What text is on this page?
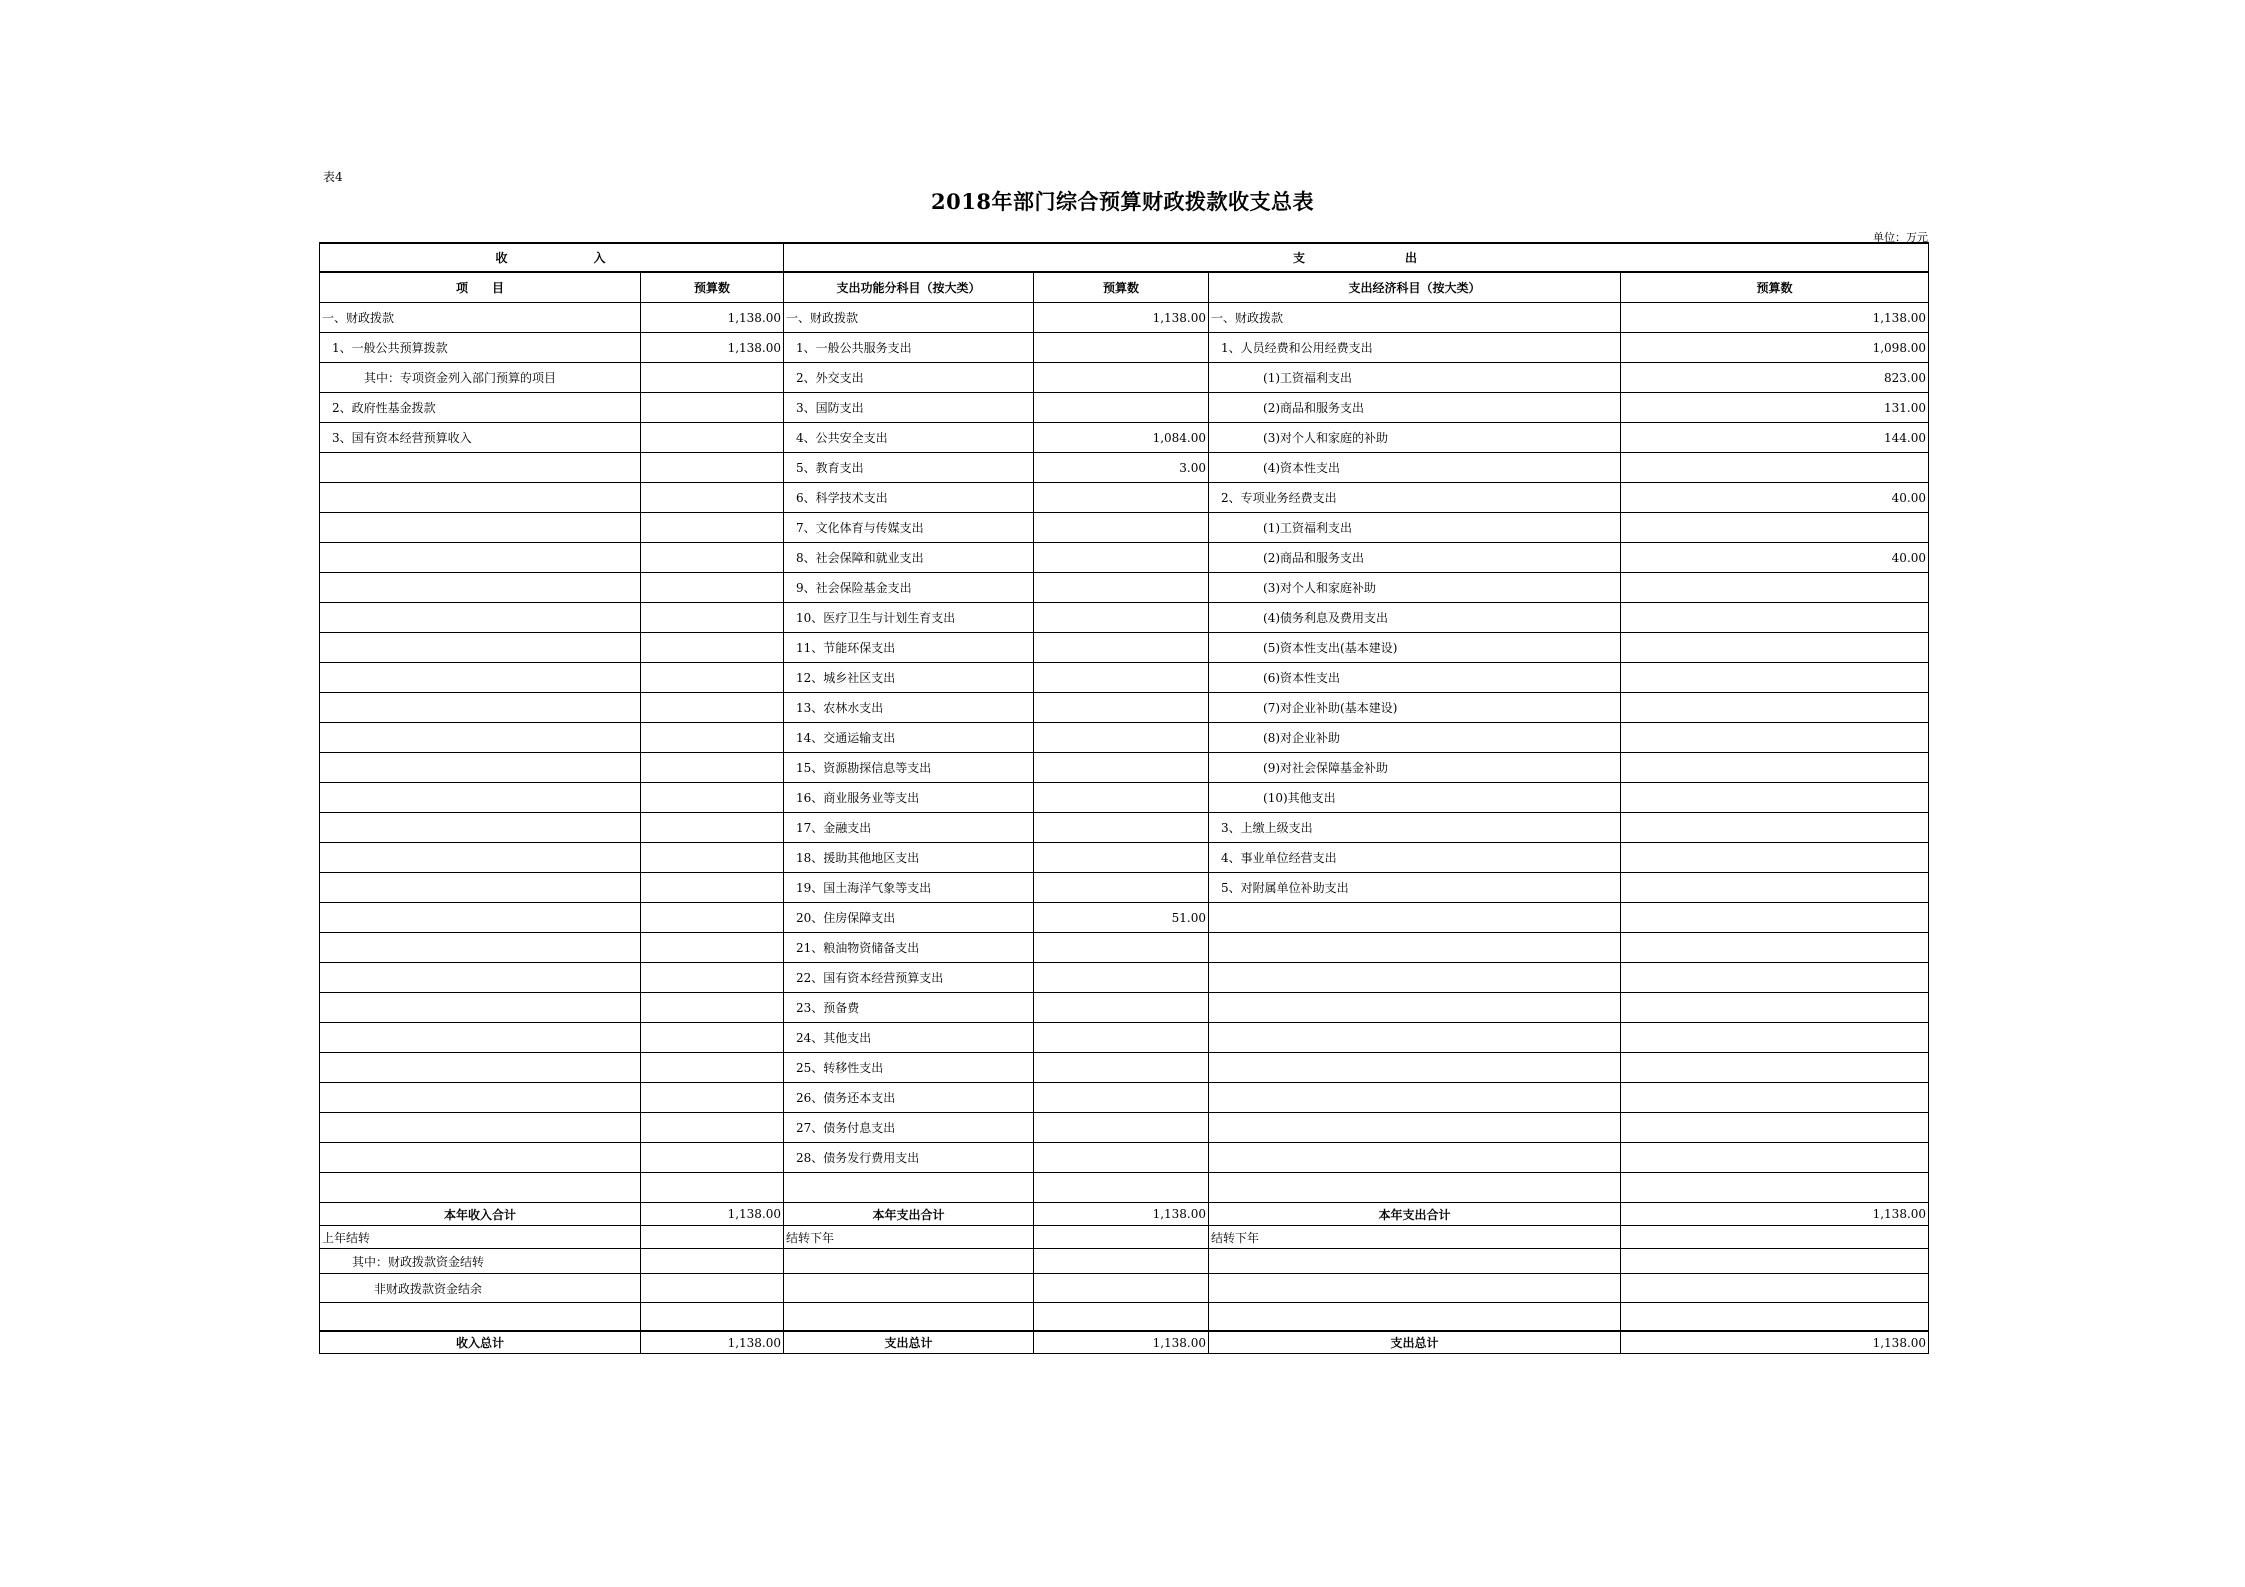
表4
2018年部门综合预算财政拨款收支总表
单位：万元
收　　　　　　入		支　　　　　　　出			
项　　目	预算数	支出功能分科目（按大类）	预算数	支出经济科目（按大类）	预算数
一、财政拨款	1,138.00	一、财政拨款	1,138.00	一、财政拨款	1,138.00
1、一般公共预算拨款	1,138.00	1、一般公共服务支出		1、人员经费和公用经费支出	1,098.00
其中：专项资金列入部门预算的项目		2、外交支出		(1)工资福利支出	823.00
2、政府性基金拨款		3、国防支出		(2)商品和服务支出	131.00
3、国有资本经营预算收入		4、公共安全支出	1,084.00	(3)对个人和家庭的补助	144.00
		5、教育支出	3.00	(4)资本性支出	
		6、科学技术支出		2、专项业务经费支出	40.00
		7、文化体育与传媒支出		(1)工资福利支出	
		8、社会保障和就业支出		(2)商品和服务支出	40.00
		9、社会保险基金支出		(3)对个人和家庭补助	
		10、医疗卫生与计划生育支出		(4)债务利息及费用支出	
		11、节能环保支出		(5)资本性支出(基本建设)	
		12、城乡社区支出		(6)资本性支出	
		13、农林水支出		(7)对企业补助(基本建设)	
		14、交通运输支出		(8)对企业补助	
		15、资源勘探信息等支出		(9)对社会保障基金补助	
		16、商业服务业等支出		(10)其他支出	
		17、金融支出		3、上缴上级支出	
		18、援助其他地区支出		4、事业单位经营支出	
		19、国土海洋气象等支出		5、对附属单位补助支出	
		20、住房保障支出	51.00		
		21、粮油物资储备支出			
		22、国有资本经营预算支出			
		23、预备费			
		24、其他支出			
		25、转移性支出			
		26、债务还本支出			
		27、债务付息支出			
		28、债务发行费用支出			

本年收入合计	1,138.00	本年支出合计	1,138.00	本年支出合计	1,138.00
上年结转		结转下年		结转下年	
其中：财政拨款资金结转					
非财政拨款资金结余					

收入总计	1,138.00	支出总计	1,138.00	支出总计	1,138.00
